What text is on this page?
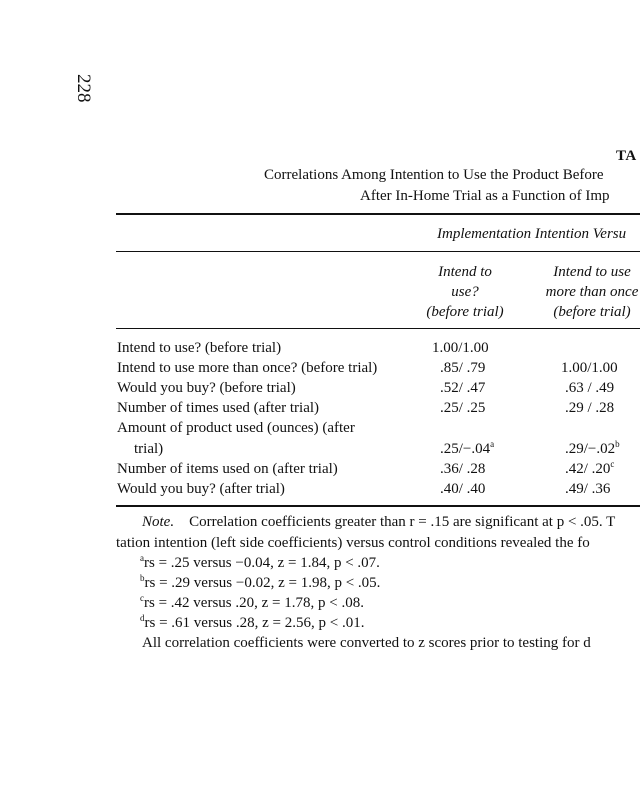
228
TA
Correlations Among Intention to Use the Product Before
After In-Home Trial as a Function of Imp
Implementation Intention Versu
Intend to
use?
(before trial)
Intend to use
more than once
(before trial)
Intend to use? (before trial)	1.00/1.00
Intend to use more than once? (before trial)	.85/ .79	1.00/1.00
Would you buy? (before trial)	.52/ .47	.63 / .49
Number of times used (after trial)	.25/ .25	.29 / .28
Amount of product used (ounces) (after
trial)	.25/−.04$^a$	.29/−.02$^b$
Number of items used on (after trial)	.36/ .28	.42/ .20$^c$
Would you buy? (after trial)	.40/ .40	.49/ .36
Note. Correlation coefficients greater than r = .15 are significant at p < .05. T
tation intention (left side coefficients) versus control conditions revealed the fo
$^a$rs = .25 versus −0.04, z = 1.84, p < .07.
$^b$rs = .29 versus −0.02, z = 1.98, p < .05.
$^c$rs = .42 versus .20, z = 1.78, p < .08.
$^d$rs = .61 versus .28, z = 2.56, p < .01.
All correlation coefficients were converted to z scores prior to testing for d
